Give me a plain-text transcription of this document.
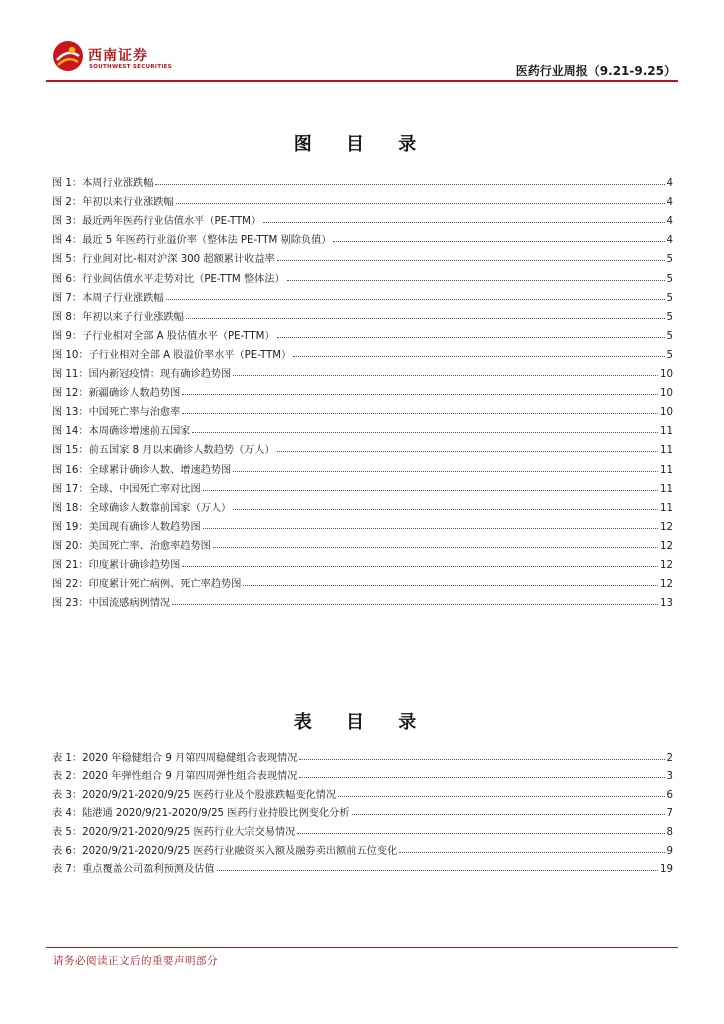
西南证券
SOUTHWEST SECURITIES	医药行业周报（9.21-9.25）
图 目 录
图 1：本周行业涨跌幅	4
图 2：年初以来行业涨跌幅	4
图 3：最近两年医药行业估值水平（PE-TTM）	4
图 4：最近 5 年医药行业溢价率（整体法 PE-TTM 剔除负值）	4
图 5：行业间对比-相对沪深 300 超额累计收益率	5
图 6：行业间估值水平走势对比（PE-TTM 整体法）	5
图 7：本周子行业涨跌幅	5
图 8：年初以来子行业涨跌幅	5
图 9：子行业相对全部 A 股估值水平（PE-TTM）	5
图 10：子行业相对全部 A 股溢价率水平（PE-TTM）	5
图 11：国内新冠疫情：现有确诊趋势图	10
图 12：新疆确诊人数趋势图	10
图 13：中国死亡率与治愈率	10
图 14：本周确诊增速前五国家	11
图 15：前五国家 8 月以来确诊人数趋势（万人）	11
图 16：全球累计确诊人数、增速趋势图	11
图 17：全球、中国死亡率对比图	11
图 18：全球确诊人数靠前国家（万人）	11
图 19：美国现有确诊人数趋势图	12
图 20：美国死亡率、治愈率趋势图	12
图 21：印度累计确诊趋势图	12
图 22：印度累计死亡病例、死亡率趋势图	12
图 23：中国流感病例情况	13
表 目 录
表 1：2020 年稳健组合 9 月第四周稳健组合表现情况	2
表 2：2020 年弹性组合 9 月第四周弹性组合表现情况	3
表 3：2020/9/21-2020/9/25 医药行业及个股涨跌幅变化情况	6
表 4：陆港通 2020/9/21-2020/9/25 医药行业持股比例变化分析	7
表 5：2020/9/21-2020/9/25 医药行业大宗交易情况	8
表 6：2020/9/21-2020/9/25 医药行业融资买入额及融券卖出额前五位变化	9
表 7：重点覆盖公司盈利预测及估值	19
请务必阅读正文后的重要声明部分
